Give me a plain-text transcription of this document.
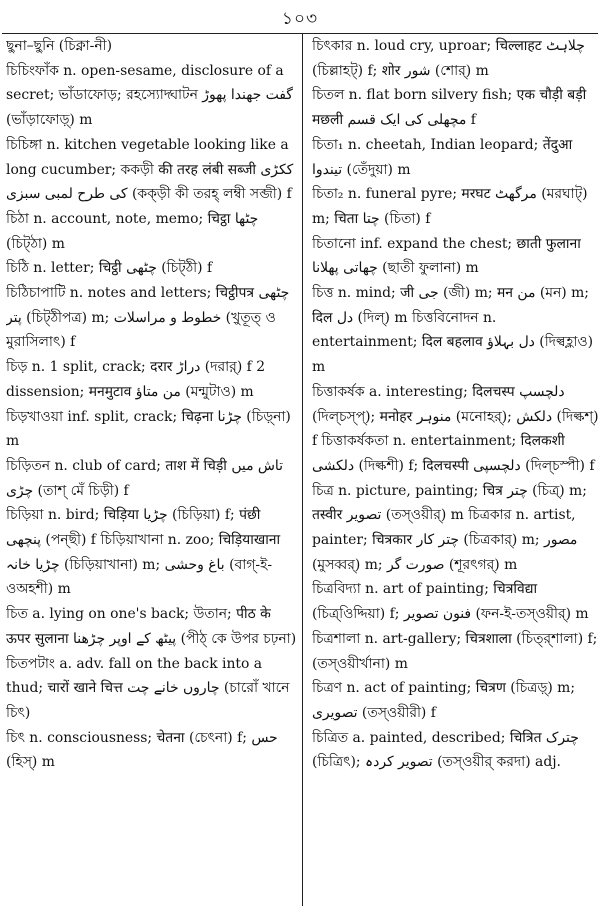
১০৩
ছুনা–ছুনি (চিক্না-নী)
চিচিংফাঁক n. open-sesame, disclosure of a secret; ভাঁডাফোড়; রহস্যোদ্ঘাটন گفت جھندا پھوڑ (ভাঁড়াফোড়্) m
চিচিঙ্গা n. kitchen vegetable looking like a long cucumber; ককড়ী की तरह लंबी सब्जी ککڑی کی طرح لمبی سبزی (কক্ড়ী কী তরহ্ লম্বী সব্জী) f
চিঠা n. account, note, memo; चिट्ठा چٹھا (চিট্ঠা) m
চিঠি n. letter; चिट्ठी چٹھی (চিট্ঠী) f
চিঠিচাপাটি n. notes and letters; चिट्ठीपत्र چٹھی پتر (চিট্ঠীপত্র) m; خطوط و مراسلات (খ়ুতূত্ ও মুরাসিলাৎ) f
চিড় n. 1 split, crack; दरार دراڑ (দরার়্) f 2 dissension; मनमुटाव من متاؤ (মন্মুটাও) m
চিড়খাওয়া inf. split, crack; चिढ़ना چڑنا (চিড়্না) m
চিড়িতন n. club of card; ताश में चिड़ी تاش میں چڑی (তাশ্ মেঁ চিড়ী) f
চিড়িয়া n. bird; चिड़िया چڑیا (চিড়িয়া) f; पंछी پنچھی (পন্ছী) f চিড়িয়াখানা n. zoo; चिड़ियाखाना چڑیا خانہ (চিড়িয়াখানা) m; باغ وحشی (বাগ্-ই-ওঅহশী) m
চিত a. lying on one's back; উতান; पीठ के ऊपर सुलाना پیٹھ کے اوپر چڑھنا (পীঠ্ কে উপর চঢ়না) চিতপটাং a. adv. fall on the back into a thud; चारों खाने चित्त چاروں خانے چت (চারোঁ খানে চিৎ)
চিৎ n. consciousness; चेतना (চেৎনা) f; حس (হিস্) m
চিৎকার n. loud cry, uproar; चिल्लाहट چلاہٹ (চিল্লাহট্) f; शोर شور (শোর্) m
চিতল n. flat born silvery fish; एक चौड़ी बड़ी मछली مچھلی کی ایک قسم f
চিতা₁ n. cheetah, Indian leopard; तेंदुआ تیندوا (তেঁদুয়া) m
চিতা₂ n. funeral pyre; मरघट مرگھٹ (মরঘাট্) m; चिता چتا (চিতা) f
চিতানো inf. expand the chest; छाती फुलाना چھاتی پھلانا (ছাতী ফুলানা) m
চিত্ত n. mind; जी جی (জী) m; मन من (মন) m; दिल دل (দিল্) m চিত্তবিনোদন n. entertainment; दिल बहलाव دل بہلاؤ (দিল্বহ্লাও) m
চিত্তাকর্ষক a. interesting; दिलचस्प دلچسپ (দিল্চস্প্); मनोहर منوہر (মনোহর্); دلکش (দিল্কশ্) f চিত্তাকর্ষকতা n. entertainment; दिलकशी دلکشی (দিল্কশী) f; दिलचस्पी دلچسپی (দিল্চস্পী) f
চিত্র n. picture, painting; चित्र چتر (চিত্র্) m; तस्वीर تصویر (তস্ওয়ীর্) m চিত্রকার n. artist, painter; चित्रकार چتر کار (চিত্রকার্) m; مصور (মুসব্বর্) m; صورت گر (শূরৎগর্) m
চিত্রবিদ্যা n. art of painting; चित्रविद्या (চিত্র্ওিদ্দিয়া) f; فنون تصویر (ফন-ই-তস্ওয়ীর্) m চিত্রশালা n. art-gallery; चित्रशाला (চিত্র্শালা) f; (তস্ওয়ীর্খানা) m
চিত্রণ n. act of painting; चित्रण (চিত্রড়্) m; تصویری (তস্ওয়ীরী) f
চিত্রিত a. painted, described; चित्रित چترک (চিত্রিৎ); تصویر کردہ (তস্ওয়ীর্ করদা) adj.
